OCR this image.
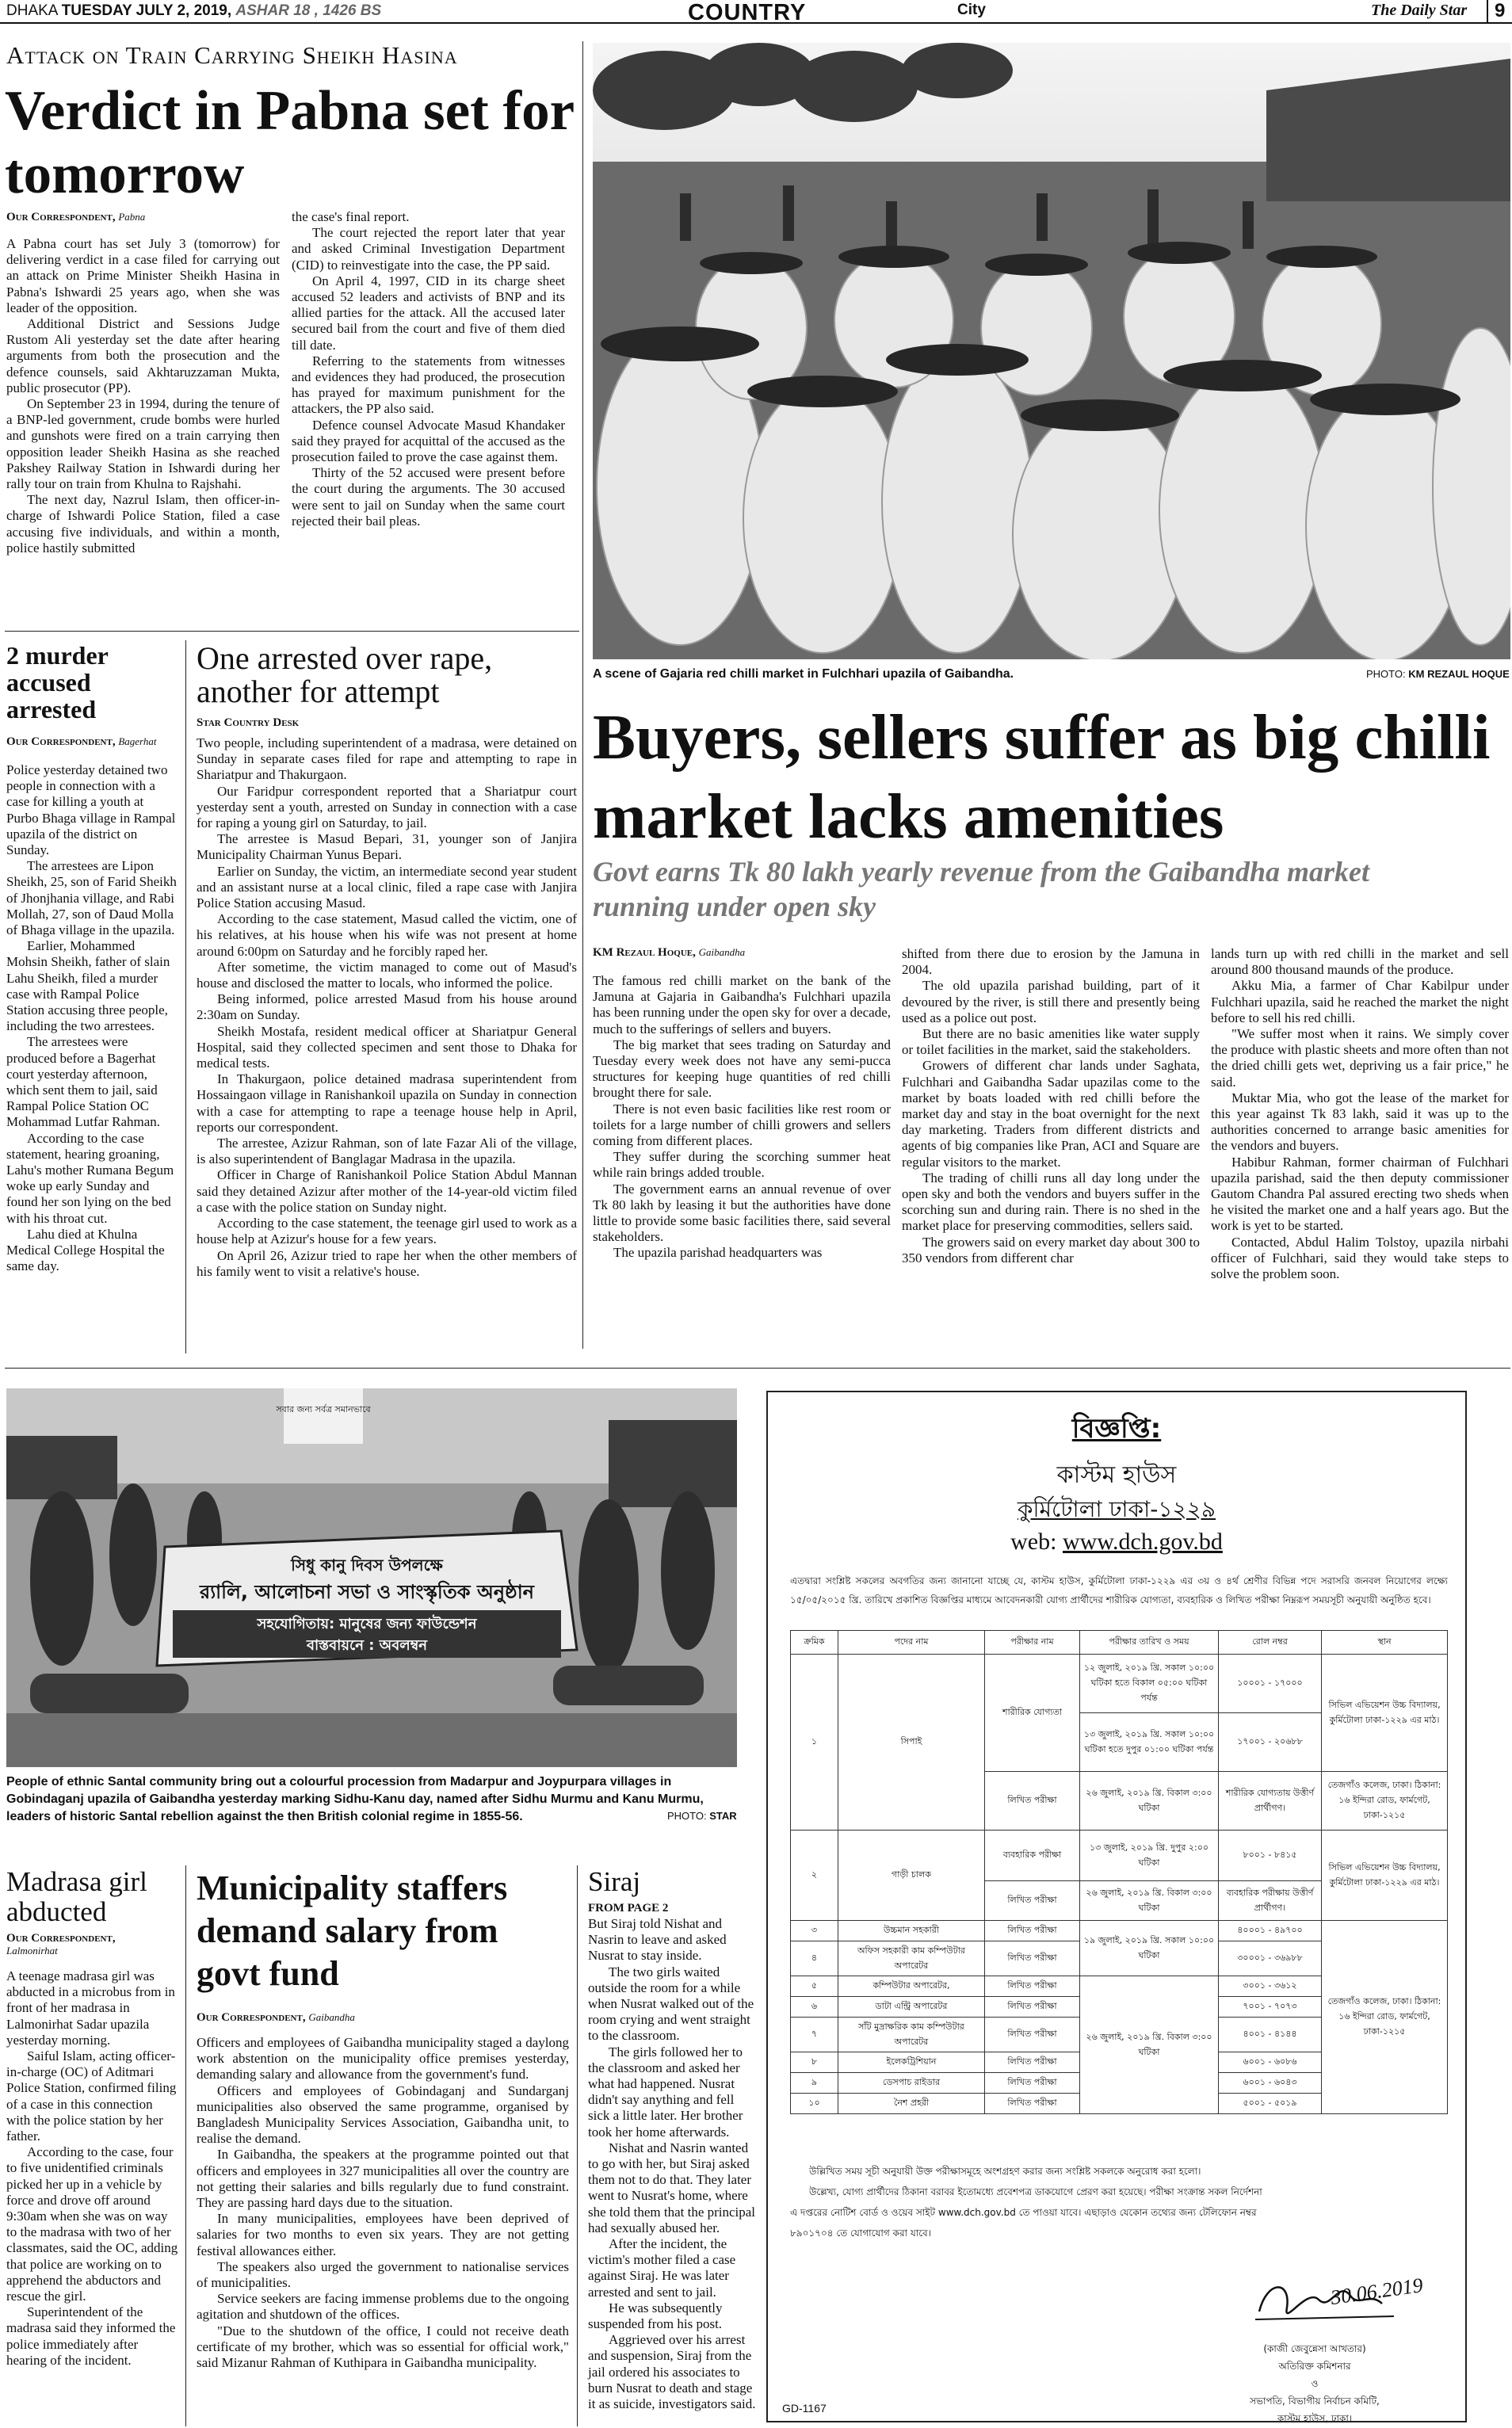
DHAKA TUESDAY JULY 2, 2019, ASHAR 18 , 1426 BS	COUNTRY	City	The Daily Star	9
Attack on Train Carrying Sheikh Hasina
Verdict in Pabna set for tomorrow
Our Correspondent, Pabna

A Pabna court has set July 3 (tomorrow) for delivering verdict in a case filed for carrying out an attack on Prime Minister Sheikh Hasina in Pabna's Ishwardi 25 years ago, when she was leader of the opposition.

Additional District and Sessions Judge Rustom Ali yesterday set the date after hearing arguments from both the prosecution and the defence counsels, said Akhtaruzzaman Mukta, public prosecutor (PP).

On September 23 in 1994, during the tenure of a BNP-led government, crude bombs were hurled and gunshots were fired on a train carrying then opposition leader Sheikh Hasina as she reached Pakshey Railway Station in Ishwardi during her rally tour on train from Khulna to Rajshahi.

The next day, Nazrul Islam, then officer-in-charge of Ishwardi Police Station, filed a case accusing five individuals, and within a month, police hastily submitted

the case's final report.

The court rejected the report later that year and asked Criminal Investigation Department (CID) to reinvestigate into the case, the PP said.

On April 4, 1997, CID in its charge sheet accused 52 leaders and activists of BNP and its allied parties for the attack. All the accused later secured bail from the court and five of them died till date.

Referring to the statements from witnesses and evidences they had produced, the prosecution has prayed for maximum punishment for the attackers, the PP also said.

Defence counsel Advocate Masud Khandaker said they prayed for acquittal of the accused as the prosecution failed to prove the case against them.

Thirty of the 52 accused were present before the court during the arguments. The 30 accused were sent to jail on Sunday when the same court rejected their bail pleas.

A scene of Gajaria red chilli market in Fulchhari upazila of Gaibandha.	PHOTO: KM REZAUL HOQUE
Buyers, sellers suffer as big chilli market lacks amenities
Govt earns Tk 80 lakh yearly revenue from the Gaibandha market running under open sky
KM Rezaul Hoque, Gaibandha

The famous red chilli market on the bank of the Jamuna at Gajaria in Gaibandha's Fulchhari upazila has been running under the open sky for over a decade, much to the sufferings of sellers and buyers.

The big market that sees trading on Saturday and Tuesday every week does not have any semi-pucca structures for keeping huge quantities of red chilli brought there for sale.

There is not even basic facilities like rest room or toilets for a large number of chilli growers and sellers coming from different places.

They suffer during the scorching summer heat while rain brings added trouble.

The government earns an annual revenue of over Tk 80 lakh by leasing it but the authorities have done little to provide some basic facilities there, said several stakeholders.

The upazila parishad headquarters was

shifted from there due to erosion by the Jamuna in 2004.

The old upazila parishad building, part of it devoured by the river, is still there and presently being used as a police out post.

But there are no basic amenities like water supply or toilet facilities in the market, said the stakeholders.

Growers of different char lands under Saghata, Fulchhari and Gaibandha Sadar upazilas come to the market by boats loaded with red chilli before the market day and stay in the boat overnight for the next day marketing. Traders from different districts and agents of big companies like Pran, ACI and Square are regular visitors to the market.

The trading of chilli runs all day long under the open sky and both the vendors and buyers suffer in the scorching sun and during rain. There is no shed in the market place for preserving commodities, sellers said.

The growers said on every market day about 300 to 350 vendors from different char

lands turn up with red chilli in the market and sell around 800 thousand maunds of the produce.

Akku Mia, a farmer of Char Kabilpur under Fulchhari upazila, said he reached the market the night before to sell his red chilli.

"We suffer most when it rains. We simply cover the produce with plastic sheets and more often than not the dried chilli gets wet, depriving us a fair price," he said.

Muktar Mia, who got the lease of the market for this year against Tk 83 lakh, said it was up to the authorities concerned to arrange basic amenities for the vendors and buyers.

Habibur Rahman, former chairman of Fulchhari upazila parishad, said the then deputy commissioner Gautom Chandra Pal assured erecting two sheds when he visited the market one and a half years ago. But the work is yet to be started.

Contacted, Abdul Halim Tolstoy, upazila nirbahi officer of Fulchhari, said they would take steps to solve the problem soon.

2 murder accused arrested
Our Correspondent, Bagerhat

Police yesterday detained two people in connection with a case for killing a youth at Purbo Bhaga village in Rampal upazila of the district on Sunday.

The arrestees are Lipon Sheikh, 25, son of Farid Sheikh of Jhonjhania village, and Rabi Mollah, 27, son of Daud Molla of Bhaga village in the upazila.

Earlier, Mohammed Mohsin Sheikh, father of slain Lahu Sheikh, filed a murder case with Rampal Police Station accusing three people, including the two arrestees.

The arrestees were produced before a Bagerhat court yesterday afternoon, which sent them to jail, said Rampal Police Station OC Mohammad Lutfar Rahman.

According to the case statement, hearing groaning, Lahu's mother Rumana Begum woke up early Sunday and found her son lying on the bed with his throat cut.

Lahu died at Khulna Medical College Hospital the same day.

One arrested over rape, another for attempt
Star Country Desk

Two people, including superintendent of a madrasa, were detained on Sunday in separate cases filed for rape and attempting to rape in Shariatpur and Thakurgaon.

Our Faridpur correspondent reported that a Shariatpur court yesterday sent a youth, arrested on Sunday in connection with a case for raping a young girl on Saturday, to jail.

The arrestee is Masud Bepari, 31, younger son of Janjira Municipality Chairman Yunus Bepari.

Earlier on Sunday, the victim, an intermediate second year student and an assistant nurse at a local clinic, filed a rape case with Janjira Police Station accusing Masud.

According to the case statement, Masud called the victim, one of his relatives, at his house when his wife was not present at home around 6:00pm on Saturday and he forcibly raped her.

After sometime, the victim managed to come out of Masud's house and disclosed the matter to locals, who informed the police.

Being informed, police arrested Masud from his house around 2:30am on Sunday.

Sheikh Mostafa, resident medical officer at Shariatpur General Hospital, said they collected specimen and sent those to Dhaka for medical tests.

In Thakurgaon, police detained madrasa superintendent from Hossaingaon village in Ranishankoil upazila on Sunday in connection with a case for attempting to rape a teenage house help in April, reports our correspondent.

The arrestee, Azizur Rahman, son of late Fazar Ali of the village, is also superintendent of Banglagar Madrasa in the upazila.

Officer in Charge of Ranishankoil Police Station Abdul Mannan said they detained Azizur after mother of the 14-year-old victim filed a case with the police station on Sunday night.

According to the case statement, the teenage girl used to work as a house help at Azizur's house for a few years.

On April 26, Azizur tried to rape her when the other members of his family went to visit a relative's house.

সিধু কানু দিবস উপলক্ষে
র‍্যালি, আলোচনা সভা ও সাংস্কৃতিক অনুষ্ঠান
সহযোগিতায়: মানুষের জন্য ফাউন্ডেশন
বাস্তবায়নে : অবলম্বন
সবার জন্য সর্বত্র সমানভাবে
People of ethnic Santal community bring out a colourful procession from Madarpur and Joypurpara villages in Gobindaganj upazila of Gaibandha yesterday marking Sidhu-Kanu day, named after Sidhu Murmu and Kanu Murmu, leaders of historic Santal rebellion against the then British colonial regime in 1855-56.	PHOTO: STAR
Madrasa girl abducted
Our Correspondent,
Lalmonirhat

A teenage madrasa girl was abducted in a microbus from in front of her madrasa in Lalmonirhat Sadar upazila yesterday morning.

Saiful Islam, acting officer-in-charge (OC) of Aditmari Police Station, confirmed filing of a case in this connection with the police station by her father.

According to the case, four to five unidentified criminals picked her up in a vehicle by force and drove off around 9:30am when she was on way to the madrasa with two of her classmates, said the OC, adding that police are working on to apprehend the abductors and rescue the girl.

Superintendent of the madrasa said they informed the police immediately after hearing of the incident.

Municipality staffers demand salary from govt fund
Our Correspondent, Gaibandha

Officers and employees of Gaibandha municipality staged a daylong work abstention on the municipality office premises yesterday, demanding salary and allowance from the government's fund.

Officers and employees of Gobindaganj and Sundarganj municipalities also observed the same programme, organised by Bangladesh Municipality Services Association, Gaibandha unit, to realise the demand.

In Gaibandha, the speakers at the programme pointed out that officers and employees in 327 municipalities all over the country are not getting their salaries and bills regularly due to fund constraint. They are passing hard days due to the situation.

In many municipalities, employees have been deprived of salaries for two months to even six years. They are not getting festival allowances either.

The speakers also urged the government to nationalise services of municipalities.

Service seekers are facing immense problems due to the ongoing agitation and shutdown of the offices.

"Due to the shutdown of the office, I could not receive death certificate of my brother, which was so essential for official work," said Mizanur Rahman of Kuthipara in Gaibandha municipality.

Siraj
FROM PAGE 2

But Siraj told Nishat and Nasrin to leave and asked Nusrat to stay inside.

The two girls waited outside the room for a while when Nusrat walked out of the room crying and went straight to the classroom.

The girls followed her to the classroom and asked her what had happened. Nusrat didn't say anything and fell sick a little later. Her brother took her home afterwards.

Nishat and Nasrin wanted to go with her, but Siraj asked them not to do that. They later went to Nusrat's home, where she told them that the principal had sexually abused her.

After the incident, the victim's mother filed a case against Siraj. He was later arrested and sent to jail.

He was subsequently suspended from his post.

Aggrieved over his arrest and suspension, Siraj from the jail ordered his associates to burn Nusrat to death and stage it as suicide, investigators said.

বিজ্ঞপ্তি:
কাস্টম হাউস
কুর্মিটোলা ঢাকা-১২২৯
web: www.dch.gov.bd
এতদ্বারা সংশ্লিষ্ট সকলের অবগতির জন্য জানানো যাচ্ছে যে, কাস্টম হাউস, কুর্মিটোলা ঢাকা-১২২৯ এর ৩য় ও ৪র্থ শ্রেণীর বিভিন্ন পদে সরাসরি জনবল নিয়োগের লক্ষ্যে ১৫/০৫/২০১৫ খ্রি. তারিখে প্রকাশিত বিজ্ঞপ্তির মাধ্যমে আবেদনকারী যোগ্য প্রার্থীদের শারীরিক যোগ্যতা, ব্যবহারিক ও লিখিত পরীক্ষা নিম্নরূপ সময়সূচী অনুযায়ী অনুষ্ঠিত হবে।
ক্রমিক	পদের নাম	পরীক্ষার নাম	পরীক্ষার তারিখ ও সময়	রোল নম্বর	স্থান
১	সিপাই	শারীরিক যোগ্যতা	১২ জুলাই, ২০১৯ খ্রি. সকাল ১০:০০ ঘটিকা হতে বিকাল ০৫:০০ ঘটিকা পর্যন্ত	১০০০১ - ১৭০০০	সিভিল এভিয়েশন উচ্চ বিদ্যালয়, কুর্মিটোলা ঢাকা-১২২৯ এর মাঠ।
			১৩ জুলাই, ২০১৯ খ্রি. সকাল ১০:০০ ঘটিকা হতে দুপুর ০১:০০ ঘটিকা পর্যন্ত	১৭০০১ - ২০৬৮৮	
		লিখিত পরীক্ষা	২৬ জুলাই, ২০১৯ খ্রি. বিকাল ৩:০০ ঘটিকা	শারীরিক যোগ্যতায় উত্তীর্ণ প্রার্থীগণ।	তেজগাঁও কলেজ, ঢাকা। ঠিকানা: ১৬ ইন্দিরা রোড, ফার্মগেট, ঢাকা-১২১৫
২	গাড়ী চালক	ব্যবহারিক পরীক্ষা	১৩ জুলাই, ২০১৯ খ্রি. দুপুর ২:০০ ঘটিকা	৮০০১ - ৮৪১৫	সিভিল এভিয়েশন উচ্চ বিদ্যালয়, কুর্মিটোলা ঢাকা-১২২৯ এর মাঠ।
		লিখিত পরীক্ষা	২৬ জুলাই, ২০১৯ খ্রি. বিকাল ৩:০০ ঘটিকা	ব্যবহারিক পরীক্ষায় উত্তীর্ণ প্রার্থীগণ।	
৩	উচ্চমান সহকারী	লিখিত পরীক্ষা	১৯ জুলাই, ২০১৯ খ্রি. সকাল ১০:০০ ঘটিকা	৪০০০১ - ৪৯৭০০	তেজগাঁও কলেজ, ঢাকা। ঠিকানা: ১৬ ইন্দিরা রোড, ফার্মগেট, ঢাকা-১২১৫
৪	অফিস সহকারী কাম কম্পিউটার অপারেটর	লিখিত পরীক্ষা		৩০০০১ - ৩৬৯৮৮	
৫	কম্পিউটার অপারেটর,	লিখিত পরীক্ষা	২৬ জুলাই, ২০১৯ খ্রি. বিকাল ৩:০০ ঘটিকা	৩০০১ - ৩৬১২	
৬	ডাটা এন্ট্রি অপারেটর	লিখিত পরীক্ষা		৭০০১ - ৭০৭৩	
৭	সাঁট মুদ্রাক্ষরিক কাম কম্পিউটার অপারেটর	লিখিত পরীক্ষা		৪০০১ - ৪১৪৪	
৮	ইলেকট্রিশিয়ান	লিখিত পরীক্ষা		৬০০১ - ৬০৮৬	
৯	ডেসপাচ রাইডার	লিখিত পরীক্ষা		৬০০১ - ৬০৪৩	
১০	নৈশ প্রহরী	লিখিত পরীক্ষা		৫০০১ - ৫০১৯	
উল্লিখিত সময় সূচী অনুযায়ী উক্ত পরীক্ষাসমূহে অংশগ্রহণ করার জন্য সংশ্লিষ্ট সকলকে অনুরোধ করা হলো।
উল্লেখ্য, যোগ্য প্রার্থীদের ঠিকানা বরাবর ইতোমধ্যে প্রবেশপত্র ডাকযোগে প্রেরণ করা হয়েছে। পরীক্ষা সংক্রান্ত সকল নির্দেশনা
এ দপ্তরের নোটিশ বোর্ড ও ওয়েব সাইট www.dch.gov.bd তে পাওয়া যাবে। এছাড়াও যেকোন তথ্যের জন্য টেলিফোন নম্বর
৮৯০১৭০৪ তে যোগাযোগ করা যাবে।
30.06.2019
(কাজী জেবুন্নেসা আখতার)
অতিরিক্ত কমিশনার
ও
সভাপতি, বিভাগীয় নির্বাচন কমিটি,
কাস্টম হাউস, ঢাকা।
GD-1167
